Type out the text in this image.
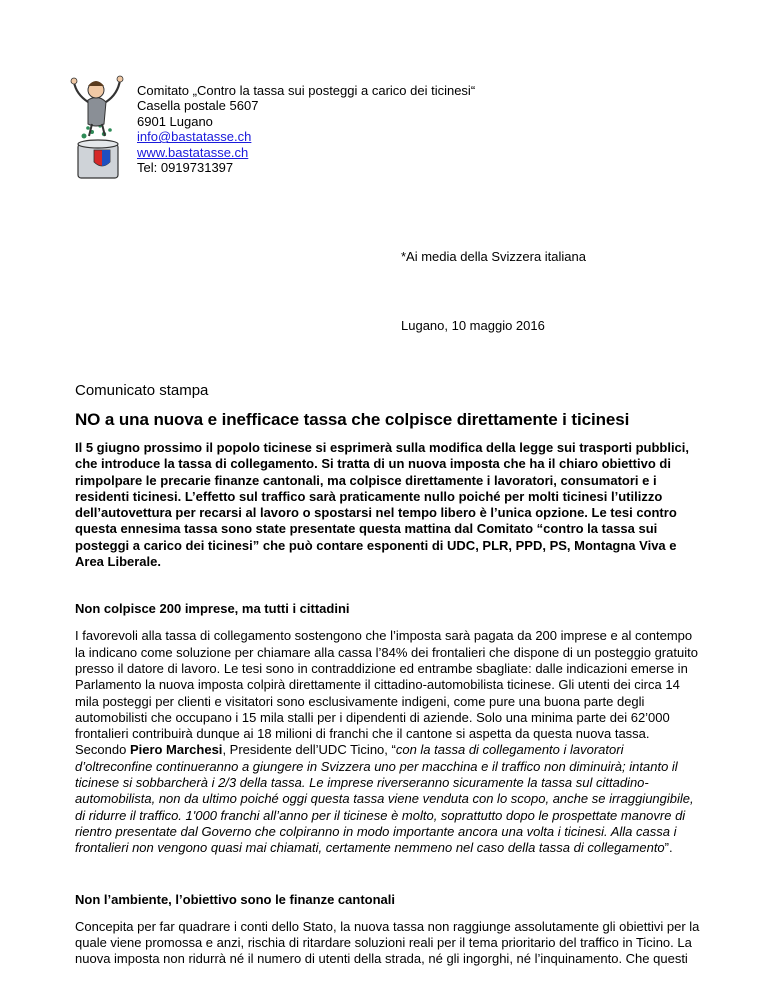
Comitato „Contro la tassa sui posteggi a carico dei ticinesi“
Casella postale 5607
6901 Lugano
info@bastatasse.ch
www.bastatasse.ch
Tel: 0919731397
*Ai media della Svizzera italiana
Lugano, 10 maggio 2016
Comunicato stampa
NO a una nuova e inefficace tassa che colpisce direttamente i ticinesi

Il 5 giugno prossimo il popolo ticinese si esprimerà sulla modifica della legge sui trasporti pubblici, che introduce la tassa di collegamento. Si tratta di un nuova imposta che ha il chiaro obiettivo di rimpolpare le precarie finanze cantonali, ma colpisce direttamente i lavoratori, consumatori e i residenti ticinesi. L’effetto sul traffico sarà praticamente nullo poiché per molti ticinesi l’utilizzo dell’autovettura per recarsi al lavoro o spostarsi nel tempo libero è l’unica opzione. Le tesi contro questa ennesima tassa sono state presentate questa mattina dal Comitato “contro la tassa sui posteggi a carico dei ticinesi” che può contare esponenti di UDC, PLR, PPD, PS, Montagna Viva e Area Liberale.

Non colpisce 200 imprese, ma tutti i cittadini

I favorevoli alla tassa di collegamento sostengono che l’imposta sarà pagata da 200 imprese e al contempo la indicano come soluzione per chiamare alla cassa l’84% dei frontalieri che dispone di un posteggio gratuito presso il datore di lavoro. Le tesi sono in contraddizione ed entrambe sbagliate: dalle indicazioni emerse in Parlamento la nuova imposta colpirà direttamente il cittadino-automobilista ticinese. Gli utenti dei circa 14 mila posteggi per clienti e visitatori sono esclusivamente indigeni, come pure una buona parte degli automobilisti che occupano i 15 mila stalli per i dipendenti di aziende. Solo una minima parte dei 62’000 frontalieri contribuirà dunque ai 18 milioni di franchi che il cantone si aspetta da questa nuova tassa. Secondo Piero Marchesi, Presidente dell’UDC Ticino, “con la tassa di collegamento i lavoratori d’oltreconfine continueranno a giungere in Svizzera uno per macchina e il traffico non diminuirà; intanto il ticinese si sobbarcherà i 2/3 della tassa. Le imprese riverseranno sicuramente la tassa sul cittadino-automobilista, non da ultimo poiché oggi questa tassa viene venduta con lo scopo, anche se irraggiungibile, di ridurre il traffico. 1'000 franchi all’anno per il ticinese è molto, soprattutto dopo le prospettate manovre di rientro presentate dal Governo che colpiranno in modo importante ancora una volta i ticinesi. Alla cassa i frontalieri non vengono quasi mai chiamati, certamente nemmeno nel caso della tassa di collegamento”.

Non l’ambiente, l’obiettivo sono le finanze cantonali

Concepita per far quadrare i conti dello Stato, la nuova tassa non raggiunge assolutamente gli obiettivi per la quale viene promossa e anzi, rischia di ritardare soluzioni reali per il tema prioritario del traffico in Ticino. La nuova imposta non ridurrà né il numero di utenti della strada, né gli ingorghi, né l’inquinamento. Che questi
